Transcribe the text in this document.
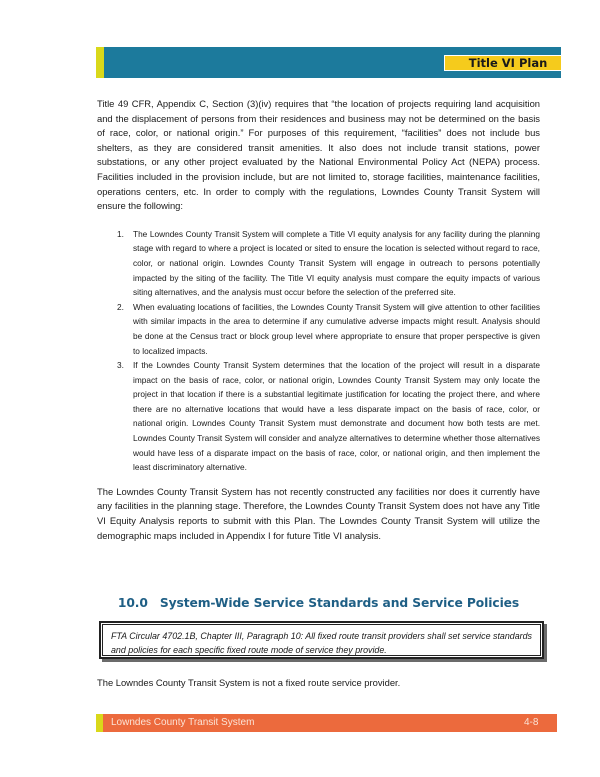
Title VI Plan

Title 49 CFR, Appendix C, Section (3)(iv) requires that “the location of projects requiring land acquisition and the displacement of persons from their residences and business may not be determined on the basis of race, color, or national origin.” For purposes of this requirement, “facilities” does not include bus shelters, as they are considered transit amenities. It also does not include transit stations, power substations, or any other project evaluated by the National Environmental Policy Act (NEPA) process. Facilities included in the provision include, but are not limited to, storage facilities, maintenance facilities, operations centers, etc. In order to comply with the regulations, Lowndes County Transit System will ensure the following:

1. The Lowndes County Transit System will complete a Title VI equity analysis for any facility during the planning stage with regard to where a project is located or sited to ensure the location is selected without regard to race, color, or national origin. Lowndes County Transit System will engage in outreach to persons potentially impacted by the siting of the facility. The Title VI equity analysis must compare the equity impacts of various siting alternatives, and the analysis must occur before the selection of the preferred site.
2. When evaluating locations of facilities, the Lowndes County Transit System will give attention to other facilities with similar impacts in the area to determine if any cumulative adverse impacts might result. Analysis should be done at the Census tract or block group level where appropriate to ensure that proper perspective is given to localized impacts.
3. If the Lowndes County Transit System determines that the location of the project will result in a disparate impact on the basis of race, color, or national origin, Lowndes County Transit System may only locate the project in that location if there is a substantial legitimate justification for locating the project there, and where there are no alternative locations that would have a less disparate impact on the basis of race, color, or national origin. Lowndes County Transit System must demonstrate and document how both tests are met. Lowndes County Transit System will consider and analyze alternatives to determine whether those alternatives would have less of a disparate impact on the basis of race, color, or national origin, and then implement the least discriminatory alternative.

The Lowndes County Transit System has not recently constructed any facilities nor does it currently have any facilities in the planning stage. Therefore, the Lowndes County Transit System does not have any Title VI Equity Analysis reports to submit with this Plan. The Lowndes County Transit System will utilize the demographic maps included in Appendix I for future Title VI analysis.

10.0 System-Wide Service Standards and Service Policies
FTA Circular 4702.1B, Chapter III, Paragraph 10: All fixed route transit providers shall set service standards and policies for each specific fixed route mode of service they provide.
The Lowndes County Transit System is not a fixed route service provider.
Lowndes County Transit System	4-8
